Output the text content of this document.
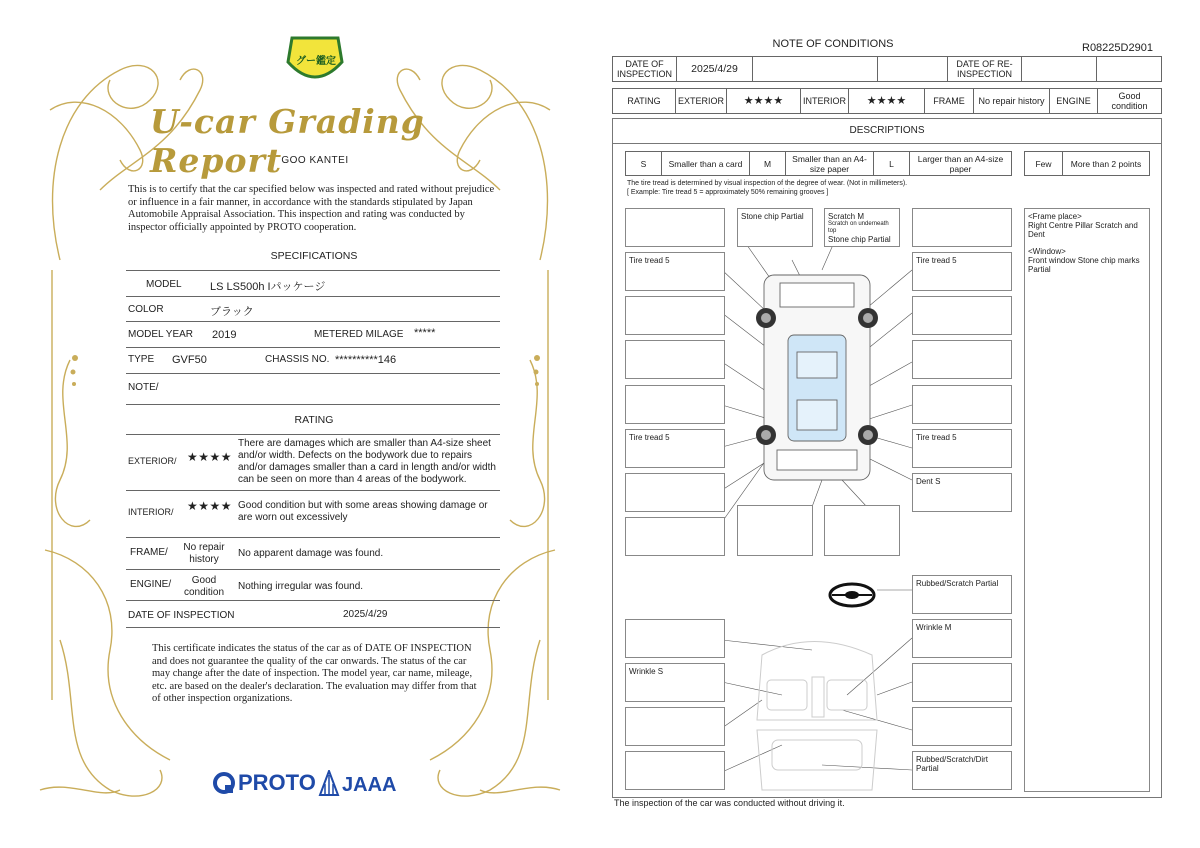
グー鑑定
U-car Grading Report GOO KANTEI
This is to certify that the car specified below was inspected and rated without prejudice or influence in a fair manner, in accordance with the standards stipulated by Japan Automobile Appraisal Association. This inspection and rating was conducted by inspector officially appointed by PROTO cooperation.
SPECIFICATIONS
MODEL	LS LS500h Iパッケージ
COLOR	ブラック
MODEL YEAR 2019	METERED MILAGE *****
TYPE GVF50	CHASSIS NO. **********146
NOTE/
RATING
EXTERIOR/ ★★★★
There are damages which are smaller than A4-size sheet and/or width. Defects on the bodywork due to repairs and/or damages smaller than a card in length and/or width can be seen on more than 4 areas of the bodywork.
INTERIOR/ ★★★★ Good condition but with some areas showing damage or are worn out excessively
FRAME/	No repair history
No apparent damage was found.
ENGINE/	Good condition
Nothing irregular was found.
DATE OF INSPECTION	2025/4/29
This certificate indicates the status of the car as of DATE OF INSPECTION and does not guarantee the quality of the car onwards. The status of the car may change after the date of inspection. The model year, car name, mileage, etc. are based on the dealer's declaration. The evaluation may differ from that of other inspection organizations.
PROTO JAAA
NOTE OF CONDITIONS	R08225D2901
DATE OF INSPECTION	2025/4/29			DATE OF RE-INSPECTION		
RATING	EXTERIOR	★★★★	INTERIOR	★★★★	FRAME	No repair history	ENGINE	Good condition
DESCRIPTIONS
S	Smaller than a card	M	Smaller than an A4-size paper	L	Larger than an A4-size paper	Few	More than 2 points
The tire tread is determined by visual inspection of the degree of wear. (Not in millimeters).
[ Example: Tire tread 5 = approximately 50% remaining grooves ]
Tire tread 5
Tire tread 5
Wrinkle S
Stone chip Partial	Scratch M
Scratch on underneath top
Stone chip Partial
Tire tread 5
Tire tread 5
Dent S
Rubbed/Scratch Partial
Wrinkle M
Rubbed/Scratch/Dirt Partial
<Frame place>
Right Centre Pillar Scratch and Dent
<Window>
Front window Stone chip marks Partial
The inspection of the car was conducted without driving it.
